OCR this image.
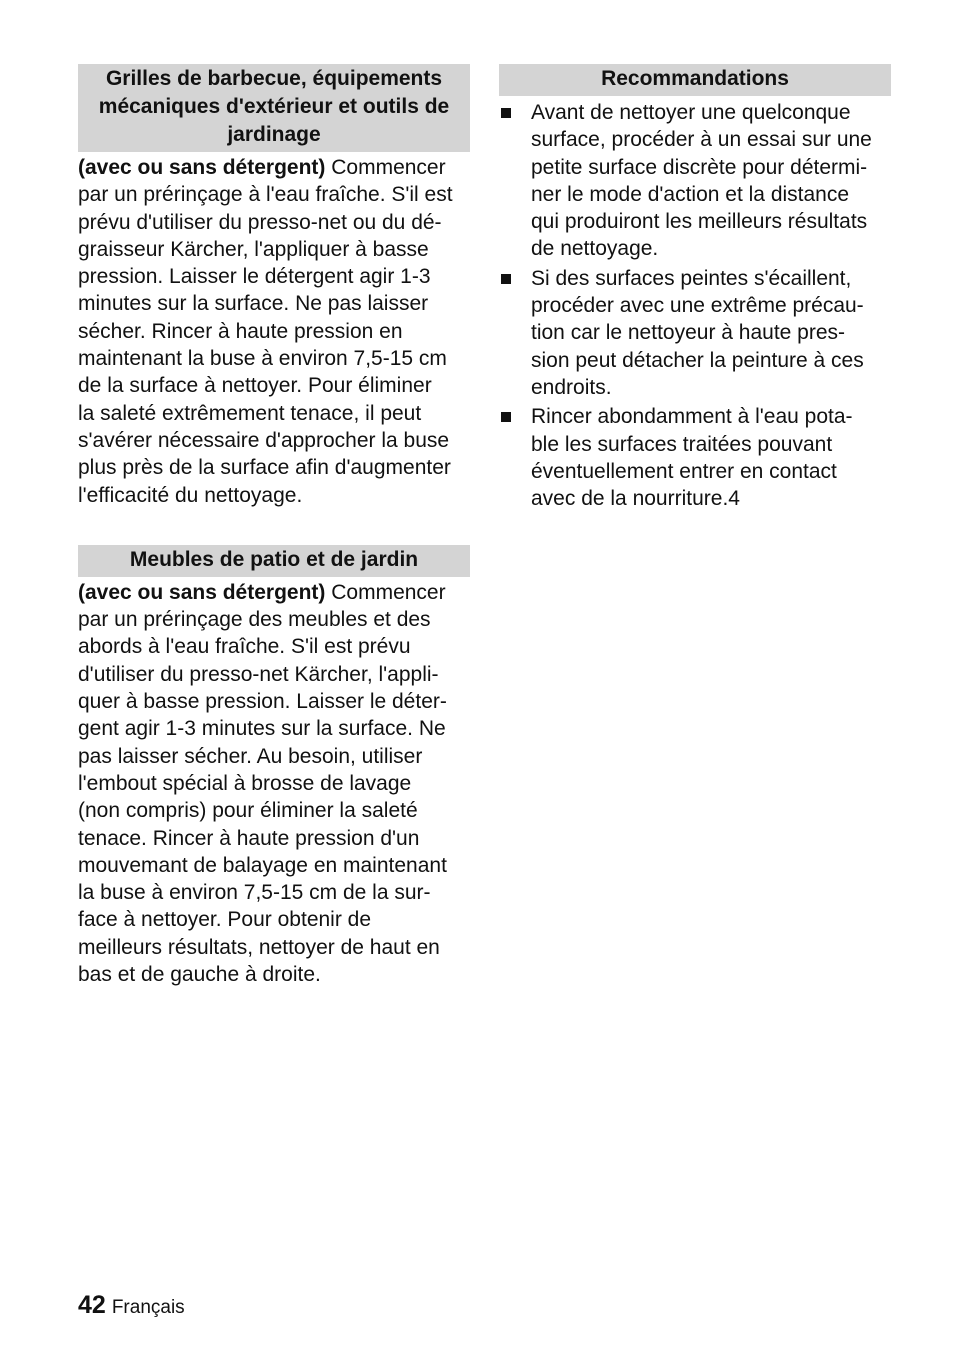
Grilles de barbecue, équipements mécaniques d'extérieur et outils de jardinage

(avec ou sans détergent) Commencer
par un prérinçage à l'eau fraîche. S'il est
prévu d'utiliser du presso-net ou du dé-
graisseur Kärcher, l'appliquer à basse
pression. Laisser le détergent agir 1-3
minutes sur la surface. Ne pas laisser
sécher. Rincer à haute pression en
maintenant la buse à environ 7,5-15 cm
de la surface à nettoyer. Pour éliminer
la saleté extrêmement tenace, il peut
s'avérer nécessaire d'approcher la buse
plus près de la surface afin d'augmenter
l'efficacité du nettoyage.

Meubles de patio et de jardin

(avec ou sans détergent) Commencer
par un prérinçage des meubles et des
abords à l'eau fraîche. S'il est prévu
d'utiliser du presso-net Kärcher, l'appli-
quer à basse pression. Laisser le déter-
gent agir 1-3 minutes sur la surface. Ne
pas laisser sécher. Au besoin, utiliser
l'embout spécial à brosse de lavage
(non compris) pour éliminer la saleté
tenace. Rincer à haute pression d'un
mouvemant de balayage en maintenant
la buse à environ 7,5-15 cm de la sur-
face à nettoyer. Pour obtenir de
meilleurs résultats, nettoyer de haut en
bas et de gauche à droite.

Recommandations
Avant de nettoyer une quelconque
surface, procéder à un essai sur une
petite surface discrète pour détermi-
ner le mode d'action et la distance
qui produiront les meilleurs résultats
de nettoyage.
Si des surfaces peintes s'écaillent,
procéder avec une extrême précau-
tion car le nettoyeur à haute pres-
sion peut détacher la peinture à ces
endroits.
Rincer abondamment à l'eau pota-
ble les surfaces traitées pouvant
éventuellement entrer en contact
avec de la nourriture.4
42 Français
